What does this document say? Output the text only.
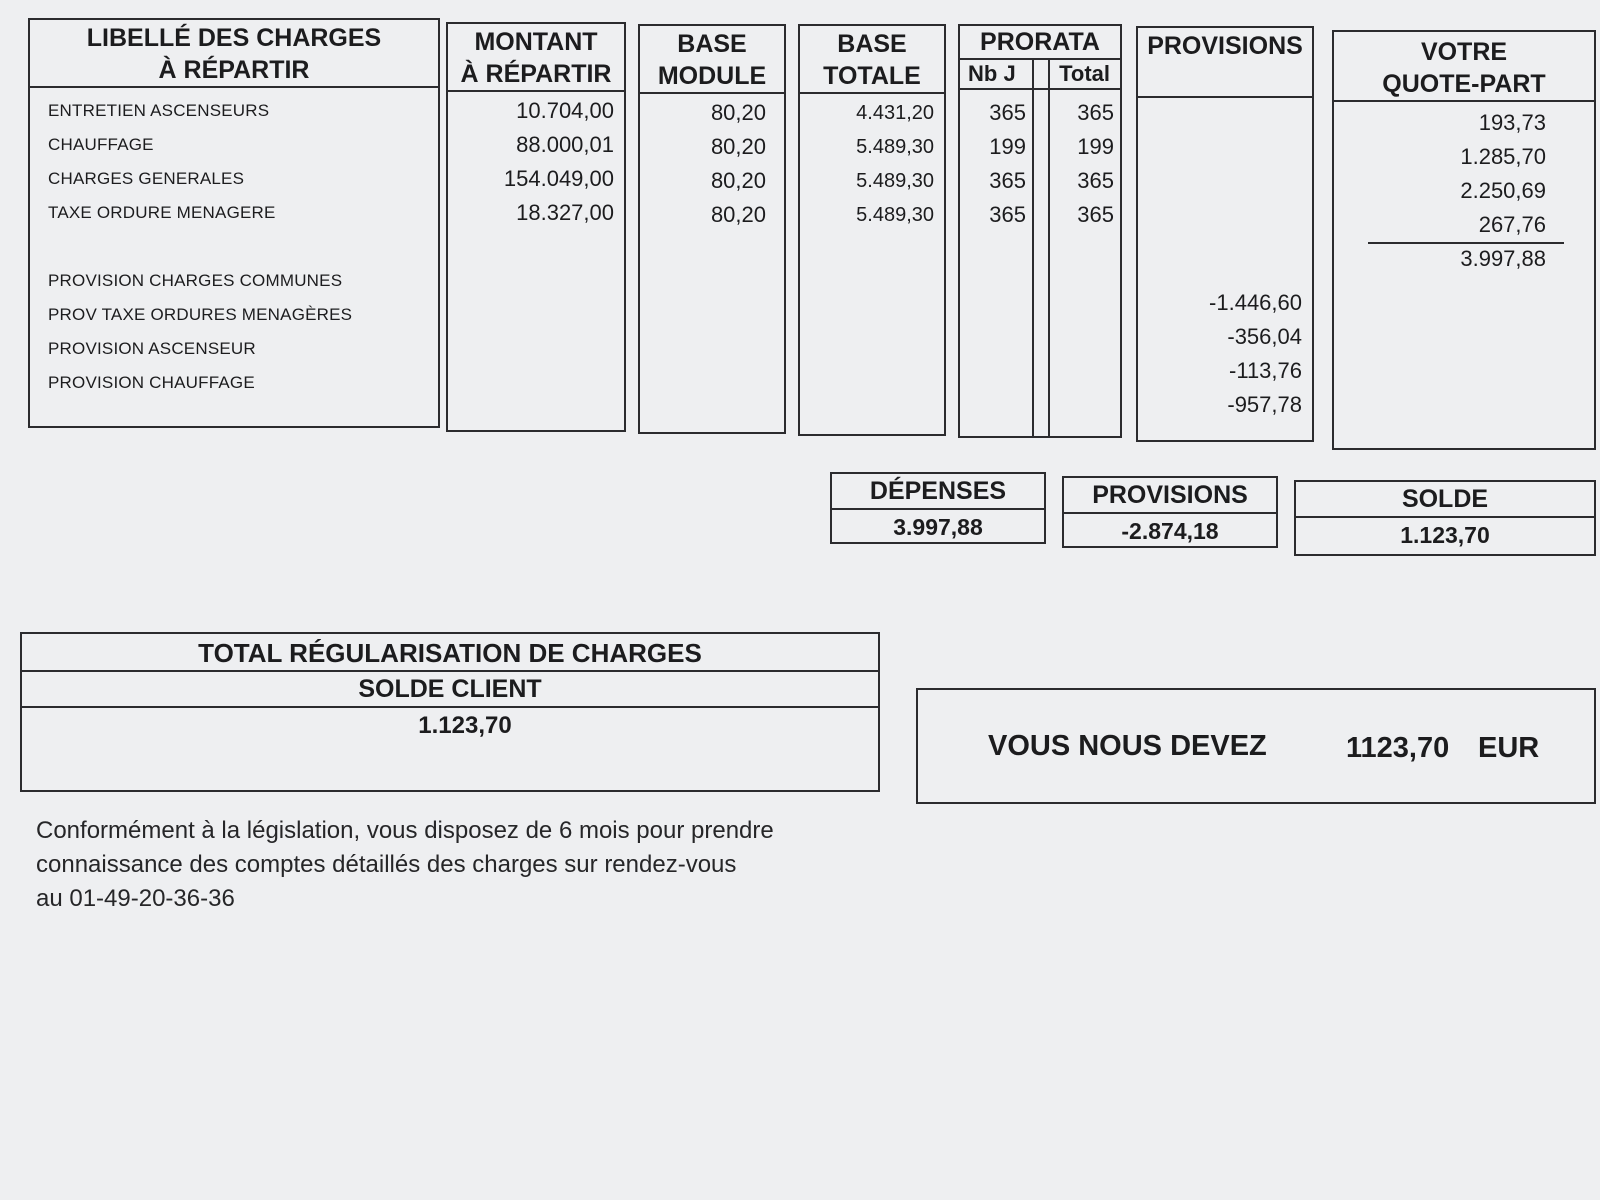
LIBELLÉ DES CHARGES
À RÉPARTIR
ENTRETIEN ASCENSEURS
CHAUFFAGE
CHARGES GENERALES
TAXE ORDURE MENAGERE
PROVISION CHARGES COMMUNES
PROV TAXE ORDURES MENAGÈRES
PROVISION ASCENSEUR
PROVISION CHAUFFAGE
MONTANT
À RÉPARTIR
10.704,00
88.000,01
154.049,00
18.327,00
BASE
MODULE
80,20
80,20
80,20
80,20
BASE
TOTALE
4.431,20
5.489,30
5.489,30
5.489,30
PRORATA
Nb J Total
365
199
365
365
365
199
365
365
PROVISIONS
-1.446,60
-356,04
-113,76
-957,78
VOTRE
QUOTE-PART
193,73
1.285,70
2.250,69
267,76
3.997,88
DÉPENSES
3.997,88
PROVISIONS
-2.874,18
SOLDE
1.123,70
TOTAL RÉGULARISATION DE CHARGES
SOLDE CLIENT
1.123,70
VOUS NOUS DEVEZ	1123,70 EUR
Conformément à la législation, vous disposez de 6 mois pour prendre
connaissance des comptes détaillés des charges sur rendez-vous
au 01-49-20-36-36
